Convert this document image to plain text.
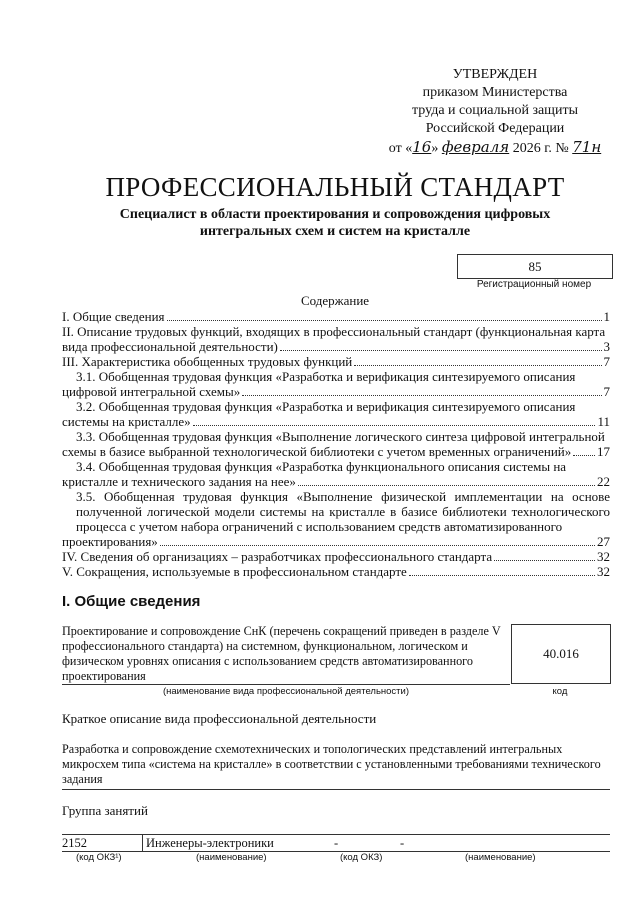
УТВЕРЖДЕН
приказом Министерства
труда и социальной защиты
Российской Федерации
от «16» февраля 2026 г. № 71н
ПРОФЕССИОНАЛЬНЫЙ СТАНДАРТ
Специалист в области проектирования и сопровождения цифровых интегральных схем и систем на кристалле
85
Регистрационный номер
Содержание
I. Общие сведения	1
II. Описание трудовых функций, входящих в профессиональный стандарт (функциональная карта
вида профессиональной деятельности)	3
III. Характеристика обобщенных трудовых функций	7
3.1. Обобщенная трудовая функция «Разработка и верификация синтезируемого описания
цифровой интегральной схемы»	7
3.2. Обобщенная трудовая функция «Разработка и верификация синтезируемого описания
системы на кристалле»	11
3.3. Обобщенная трудовая функция «Выполнение логического синтеза цифровой интегральной
схемы в базисе выбранной технологической библиотеки с учетом временных ограничений» 17
3.4. Обобщенная трудовая функция «Разработка функционального описания системы на
кристалле и технического задания на нее»	22
3.5. Обобщенная трудовая функция «Выполнение физической имплементации на основе полученной логической модели системы на кристалле в базисе библиотеки технологического процесса с учетом набора ограничений с использованием средств автоматизированного
проектирования»	27
IV. Сведения об организациях – разработчиках профессионального стандарта	32
V. Сокращения, используемые в профессиональном стандарте	32
I. Общие сведения
Проектирование и сопровождение СнК (перечень сокращений приведен в разделе V профессионального стандарта) на системном, функциональном, логическом и физическом уровнях описания с использованием средств автоматизированного проектирования
40.016
(наименование вида профессиональной деятельности)	код
Краткое описание вида профессиональной деятельности
Разработка и сопровождение схемотехнических и топологических представлений интегральных микросхем типа «система на кристалле» в соответствии с установленными требованиями технического задания
Группа занятий
2152	Инженеры-электроники	-	-
(код ОКЗ¹)	(наименование)	(код ОКЗ)	(наименование)
